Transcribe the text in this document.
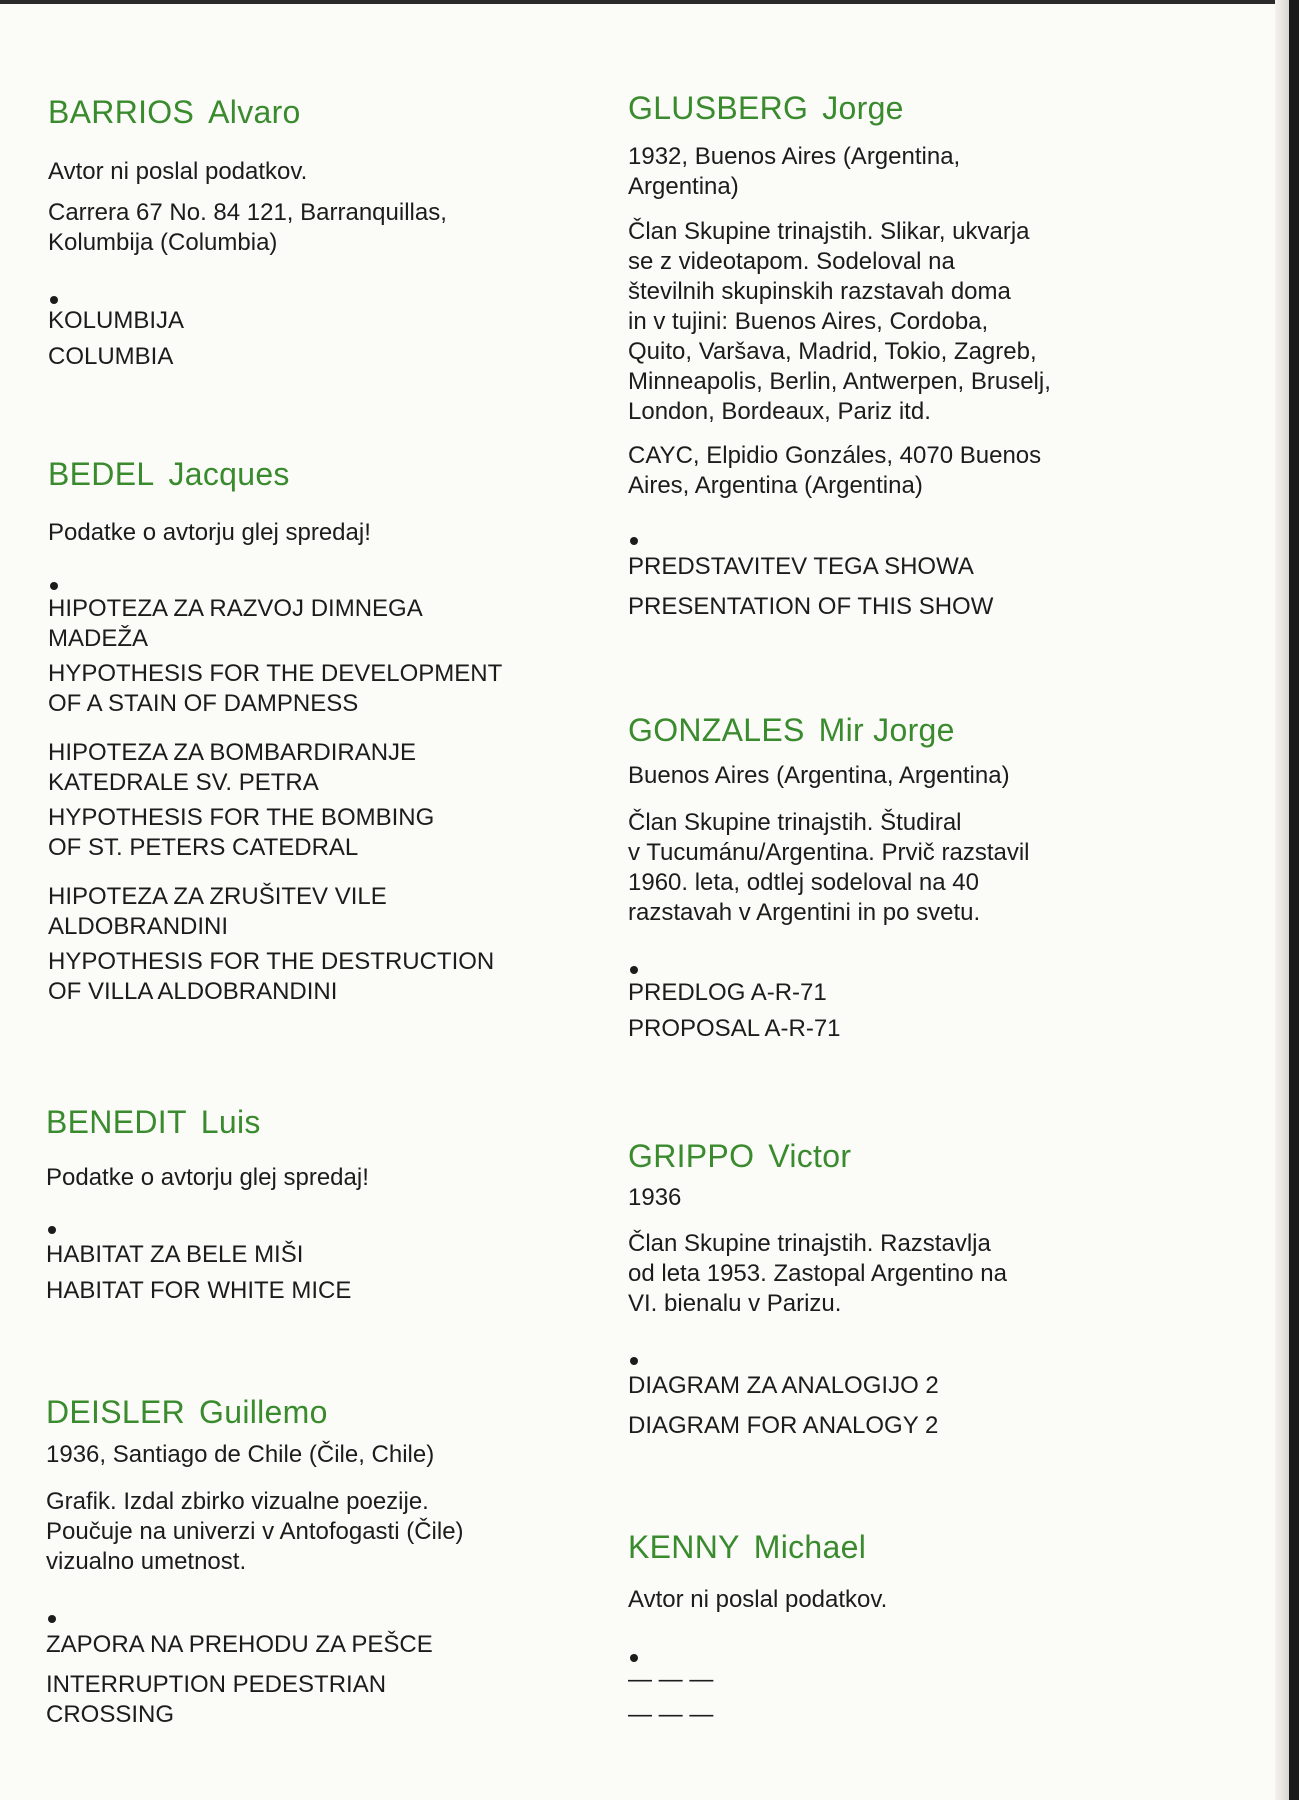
BARRIOS Alvaro
Avtor ni poslal podatkov.
Carrera 67 No. 84 121, Barranquillas,
Kolumbija (Columbia)
KOLUMBIJA
COLUMBIA
BEDEL Jacques
Podatke o avtorju glej spredaj!
HIPOTEZA ZA RAZVOJ DIMNEGA
MADEŽA
HYPOTHESIS FOR THE DEVELOPMENT
OF A STAIN OF DAMPNESS
HIPOTEZA ZA BOMBARDIRANJE
KATEDRALE SV. PETRA
HYPOTHESIS FOR THE BOMBING
OF ST. PETERS CATEDRAL
HIPOTEZA ZA ZRUŠITEV VILE
ALDOBRANDINI
HYPOTHESIS FOR THE DESTRUCTION
OF VILLA ALDOBRANDINI
BENEDIT Luis
Podatke o avtorju glej spredaj!
HABITAT ZA BELE MIŠI
HABITAT FOR WHITE MICE
DEISLER Guillemo
1936, Santiago de Chile (Čile, Chile)
Grafik. Izdal zbirko vizualne poezije.
Poučuje na univerzi v Antofogasti (Čile)
vizualno umetnost.
ZAPORA NA PREHODU ZA PEŠCE
INTERRUPTION PEDESTRIAN
CROSSING
GLUSBERG Jorge
1932, Buenos Aires (Argentina,
Argentina)
Član Skupine trinajstih. Slikar, ukvarja
se z videotapom. Sodeloval na
številnih skupinskih razstavah doma
in v tujini: Buenos Aires, Cordoba,
Quito, Varšava, Madrid, Tokio, Zagreb,
Minneapolis, Berlin, Antwerpen, Bruselj,
London, Bordeaux, Pariz itd.
CAYC, Elpidio Gonzáles, 4070 Buenos
Aires, Argentina (Argentina)
PREDSTAVITEV TEGA SHOWA
PRESENTATION OF THIS SHOW
GONZALES Mir Jorge
Buenos Aires (Argentina, Argentina)
Član Skupine trinajstih. Študiral
v Tucumánu/Argentina. Prvič razstavil
1960. leta, odtlej sodeloval na 40
razstavah v Argentini in po svetu.
PREDLOG A-R-71
PROPOSAL A-R-71
GRIPPO Victor
1936
Član Skupine trinajstih. Razstavlja
od leta 1953. Zastopal Argentino na
VI. bienalu v Parizu.
DIAGRAM ZA ANALOGIJO 2
DIAGRAM FOR ANALOGY 2
KENNY Michael
Avtor ni poslal podatkov.
— — —
— — —
